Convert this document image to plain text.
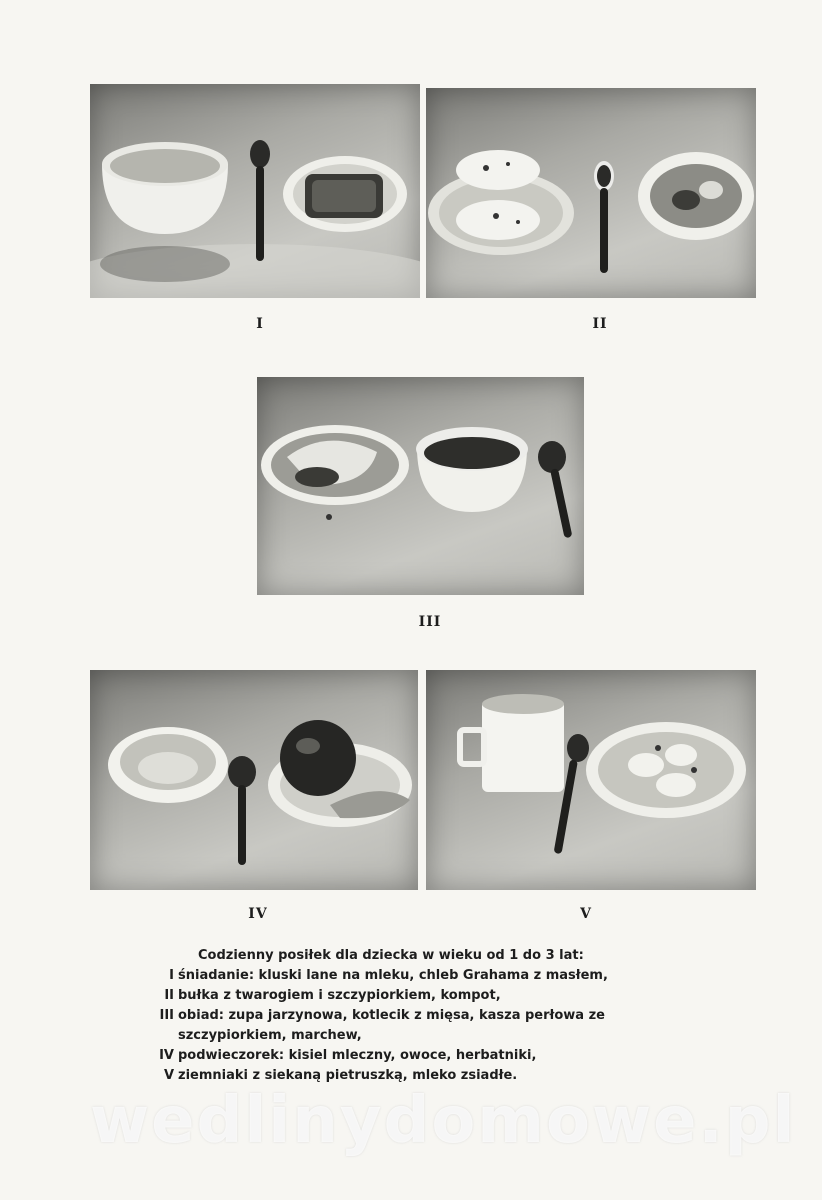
I	II
III
IV	V
Codzienny posiłek dla dziecka w wieku od 1 do 3 lat:
I śniadanie: kluski lane na mleku, chleb Grahama z masłem,
II bułka z twarogiem i szczypiorkiem, kompot,
III obiad: zupa jarzynowa, kotlecik z mięsa, kasza perłowa ze
szczypiorkiem, marchew,
IV podwieczorek: kisiel mleczny, owoce, herbatniki,
V ziemniaki z siekaną pietruszką, mleko zsiadłe.
wedlinydomowe.pl
